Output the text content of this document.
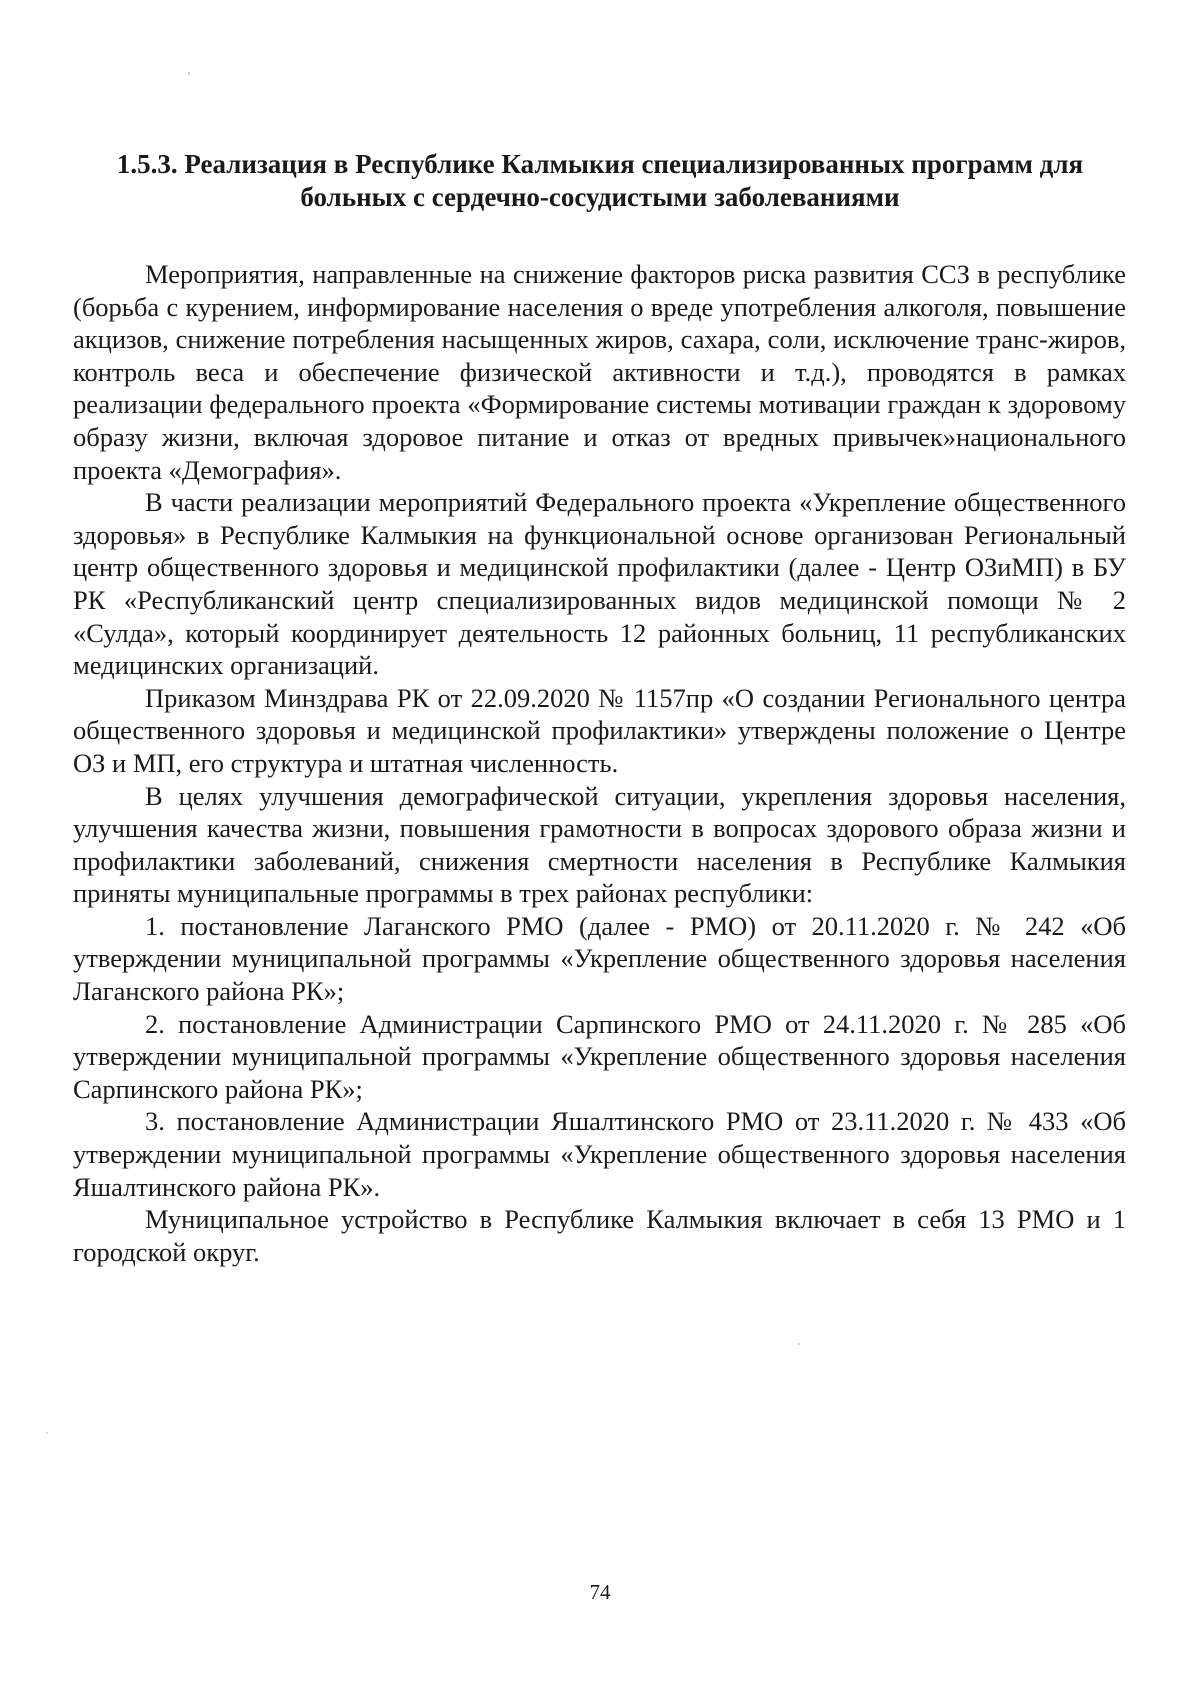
1.5.3. Реализация в Республике Калмыкия специализированных программ для
больных с сердечно-сосудистыми заболеваниями

Мероприятия, направленные на снижение факторов риска развития ССЗ в республике (борьба с курением, информирование населения о вреде употребления алкоголя, повышение акцизов, снижение потребления насыщенных жиров, сахара, соли, исключение транс-жиров, контроль веса и обеспечение физической активности и т.д.), проводятся в рамках реализации федерального проекта «Формирование системы мотивации граждан к здоровому образу жизни, включая здоровое питание и отказ от вредных привычек»национального проекта «Демография».

В части реализации мероприятий Федерального проекта «Укрепление общественного здоровья» в Республике Калмыкия на функциональной основе организован Региональный центр общественного здоровья и медицинской профилактики (далее - Центр ОЗиМП) в БУ РК «Республиканский центр специализированных видов медицинской помощи № 2 «Сулда», который координирует деятельность 12 районных больниц, 11 республиканских медицинских организаций.

Приказом Минздрава РК от 22.09.2020 № 1157пр «О создании Регионального центра общественного здоровья и медицинской профилактики» утверждены положение о Центре ОЗ и МП, его структура и штатная численность.

В целях улучшения демографической ситуации, укрепления здоровья населения, улучшения качества жизни, повышения грамотности в вопросах здорового образа жизни и профилактики заболеваний, снижения смертности населения в Республике Калмыкия приняты муниципальные программы в трех районах республики:

1. постановление Лаганского РМО (далее - РМО) от 20.11.2020 г. № 242 «Об утверждении муниципальной программы «Укрепление общественного здоровья населения Лаганского района РК»;

2. постановление Администрации Сарпинского РМО от 24.11.2020 г. № 285 «Об утверждении муниципальной программы «Укрепление общественного здоровья населения Сарпинского района РК»;

3. постановление Администрации Яшалтинского РМО от 23.11.2020 г. № 433 «Об утверждении муниципальной программы «Укрепление общественного здоровья населения Яшалтинского района РК».

Муниципальное устройство в Республике Калмыкия включает в себя 13 РМО и 1 городской округ.

74
